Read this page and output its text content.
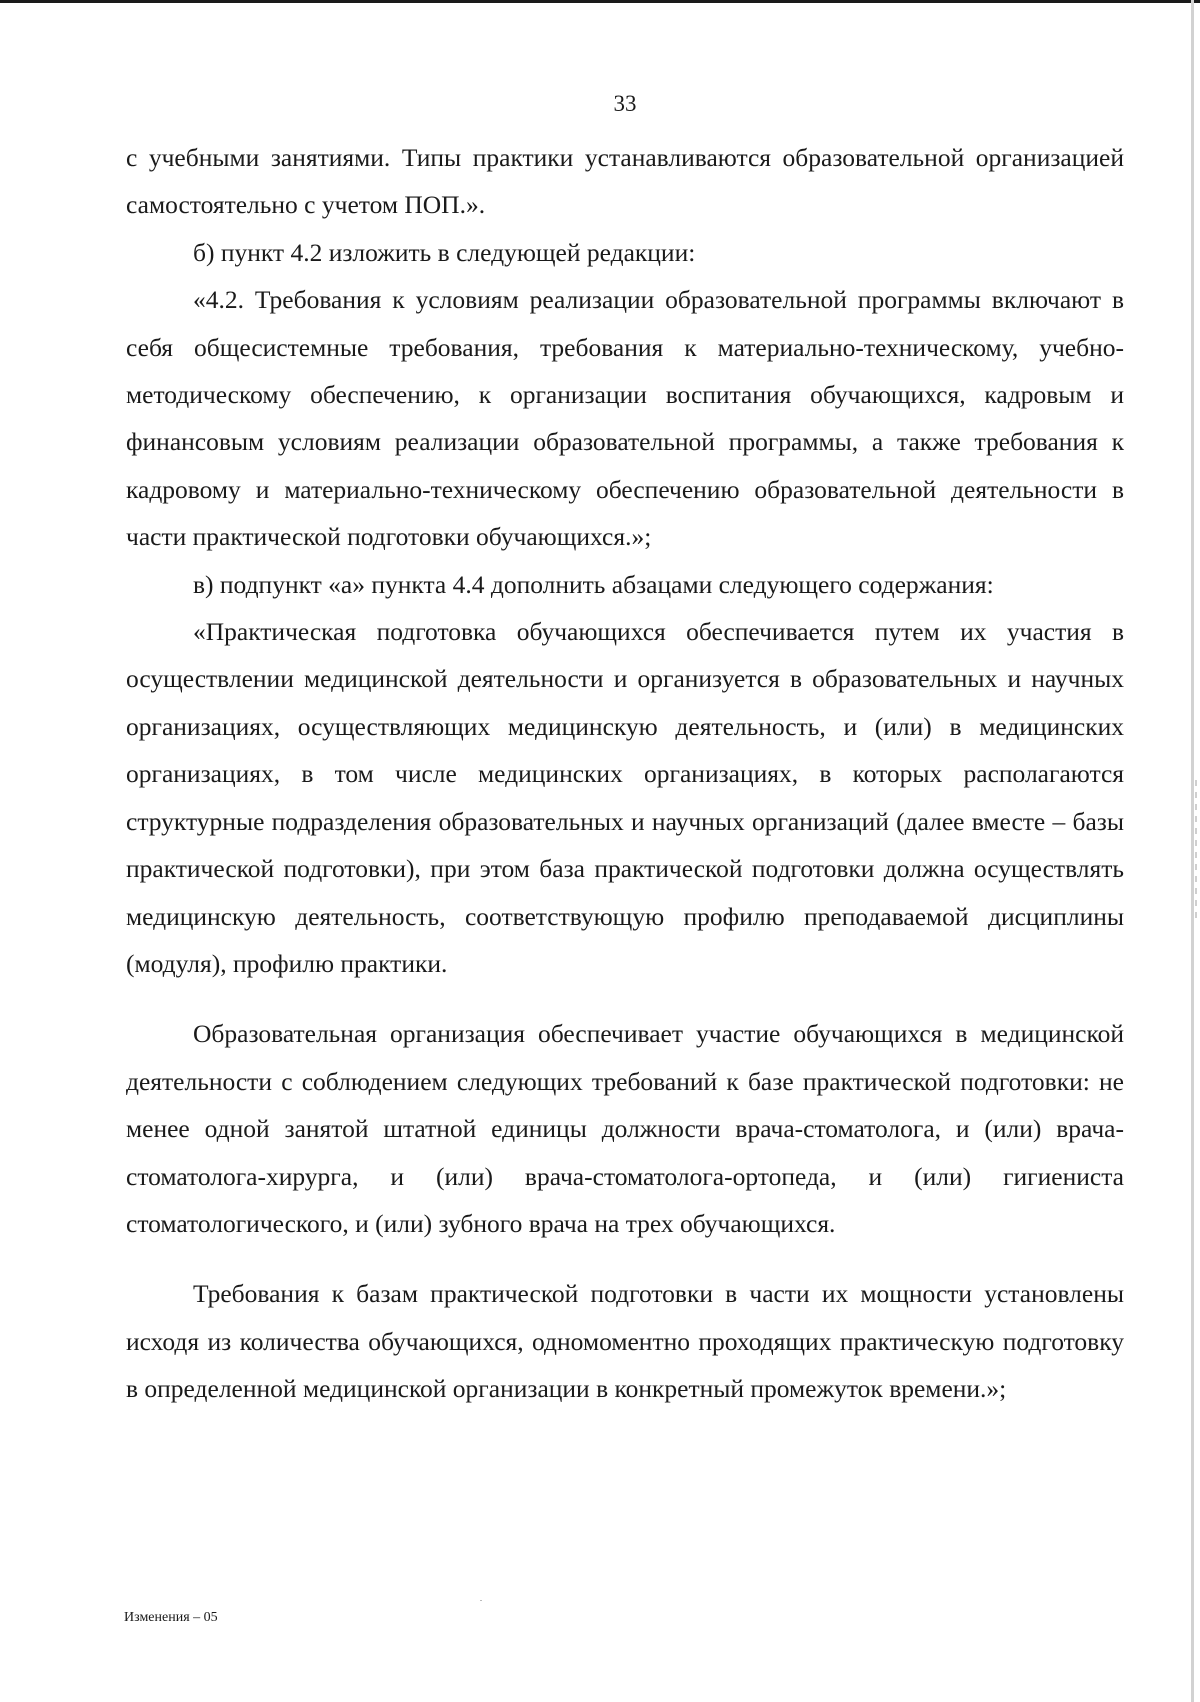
33

с учебными занятиями. Типы практики устанавливаются образовательной организацией самостоятельно с учетом ПОП.».

б) пункт 4.2 изложить в следующей редакции:

«4.2. Требования к условиям реализации образовательной программы включают в себя общесистемные требования, требования к материально-техническому, учебно-методическому обеспечению, к организации воспитания обучающихся, кадровым и финансовым условиям реализации образовательной программы, а также требования к кадровому и материально-техническому обеспечению образовательной деятельности в части практической подготовки обучающихся.»;

в) подпункт «а» пункта 4.4 дополнить абзацами следующего содержания:

«Практическая подготовка обучающихся обеспечивается путем их участия в осуществлении медицинской деятельности и организуется в образовательных и научных организациях, осуществляющих медицинскую деятельность, и (или) в медицинских организациях, в том числе медицинских организациях, в которых располагаются структурные подразделения образовательных и научных организаций (далее вместе – базы практической подготовки), при этом база практической подготовки должна осуществлять медицинскую деятельность, соответствующую профилю преподаваемой дисциплины (модуля), профилю практики.

Образовательная организация обеспечивает участие обучающихся в медицинской деятельности с соблюдением следующих требований к базе практической подготовки: не менее одной занятой штатной единицы должности врача-стоматолога, и (или) врача-стоматолога-хирурга, и (или) врача-стоматолога-ортопеда, и (или) гигиениста стоматологического, и (или) зубного врача на трех обучающихся.

Требования к базам практической подготовки в части их мощности установлены исходя из количества обучающихся, одномоментно проходящих практическую подготовку в определенной медицинской организации в конкретный промежуток времени.»;

Изменения – 05
